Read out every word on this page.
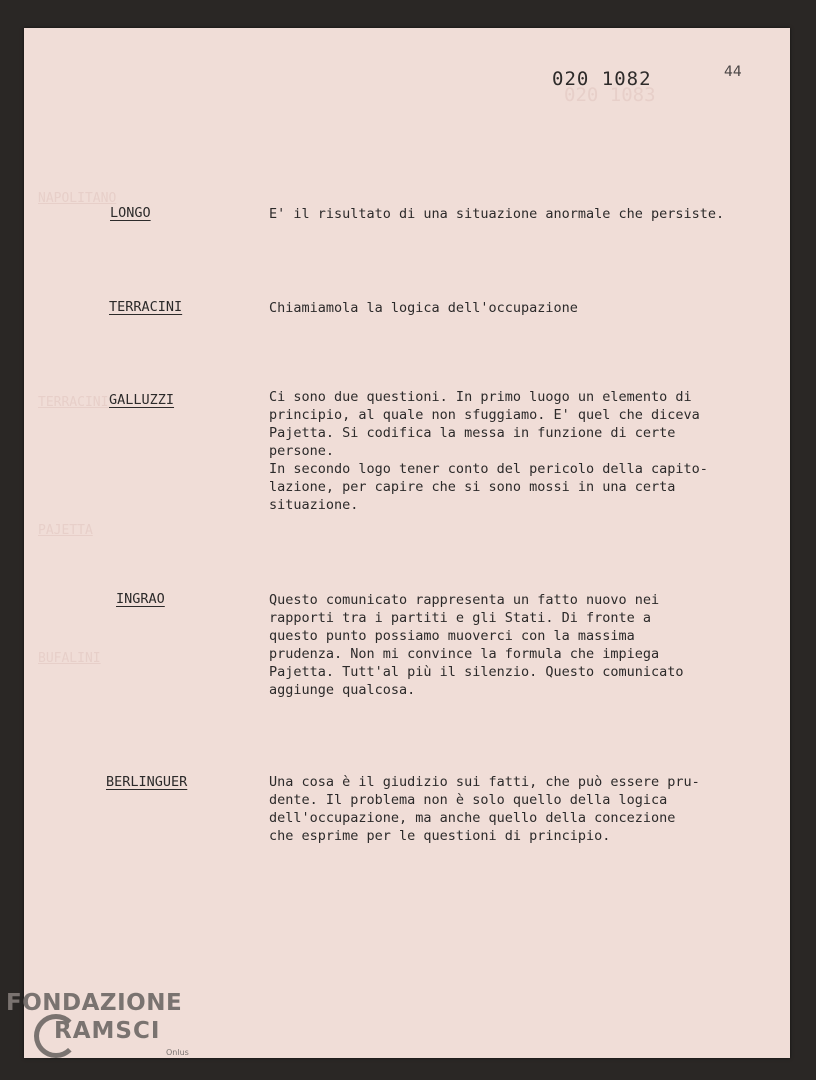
020 1083
NAPOLITANO
TERRACINI
PAJETTA
BUFALINI
020 1082	44
LONGO	E' il risultato di una situazione anormale che persiste.

TERRACINI	Chiamiamola la logica dell'occupazione

GALLUZZI	Ci sono due questioni. In primo luogo un elemento di

principio, al quale non sfuggiamo. E' quel che diceva

Pajetta. Si codifica la messa in funzione di certe

persone.

In secondo logo tener conto del pericolo della capito-

lazione, per capire che si sono mossi in una certa

situazione.

INGRAO	Questo comunicato rappresenta un fatto nuovo nei

rapporti tra i partiti e gli Stati. Di fronte a

questo punto possiamo muoverci con la massima

prudenza. Non mi convince la formula che impiega

Pajetta. Tutt'al più il silenzio. Questo comunicato

aggiunge qualcosa.

BERLINGUER	Una cosa è il giudizio sui fatti, che può essere pru-

dente. Il problema non è solo quello della logica

dell'occupazione, ma anche quello della concezione

che esprime per le questioni di principio.

FONDAZIONE
RAMSCI
Onlus
